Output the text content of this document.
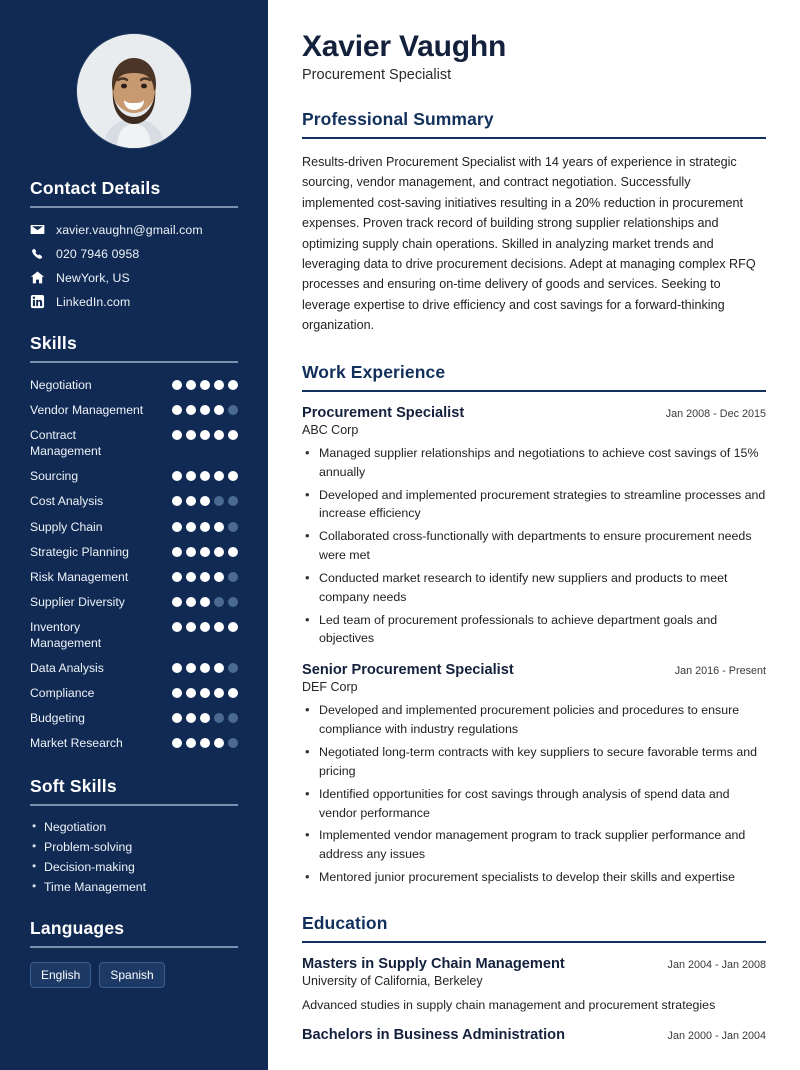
Contact Details
xavier.vaughn@gmail.com
020 7946 0958
NewYork, US
LinkedIn.com
Skills
Negotiation
Vendor Management
Contract Management
Sourcing
Cost Analysis
Supply Chain
Strategic Planning
Risk Management
Supplier Diversity
Inventory Management
Data Analysis
Compliance
Budgeting
Market Research
Soft Skills
• Negotiation
• Problem-solving
• Decision-making
• Time Management
Languages
English	Spanish
Xavier Vaughn
Procurement Specialist
Professional Summary

Results-driven Procurement Specialist with 14 years of experience in strategic sourcing, vendor management, and contract negotiation. Successfully implemented cost-saving initiatives resulting in a 20% reduction in procurement expenses. Proven track record of building strong supplier relationships and optimizing supply chain operations. Skilled in analyzing market trends and leveraging data to drive procurement decisions. Adept at managing complex RFQ processes and ensuring on-time delivery of goods and services. Seeking to leverage expertise to drive efficiency and cost savings for a forward-thinking organization.

Work Experience
Procurement Specialist	Jan 2008 - Dec 2015
ABC Corp
• Managed supplier relationships and negotiations to achieve cost savings of 15% annually
• Developed and implemented procurement strategies to streamline processes and increase efficiency
• Collaborated cross-functionally with departments to ensure procurement needs were met
• Conducted market research to identify new suppliers and products to meet company needs
• Led team of procurement professionals to achieve department goals and objectives
Senior Procurement Specialist	Jan 2016 - Present
DEF Corp
• Developed and implemented procurement policies and procedures to ensure compliance with industry regulations
• Negotiated long-term contracts with key suppliers to secure favorable terms and pricing
• Identified opportunities for cost savings through analysis of spend data and vendor performance
• Implemented vendor management program to track supplier performance and address any issues
• Mentored junior procurement specialists to develop their skills and expertise
Education
Masters in Supply Chain Management	Jan 2004 - Jan 2008
University of California, Berkeley
Advanced studies in supply chain management and procurement strategies
Bachelors in Business Administration	Jan 2000 - Jan 2004
